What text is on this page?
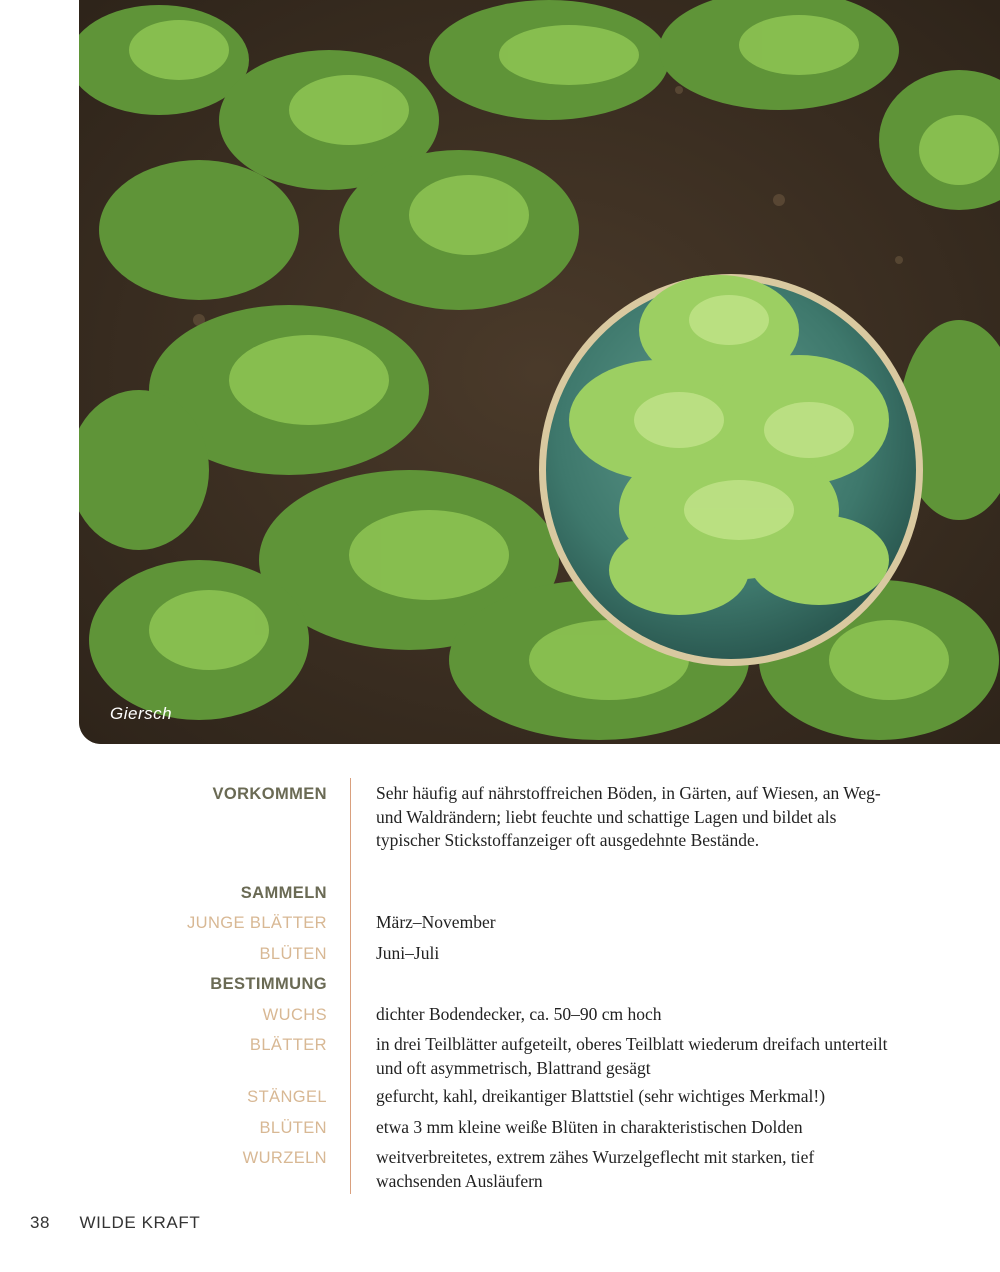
Giersch
VORKOMMEN	Sehr häufig auf nährstoffreichen Böden, in Gärten, auf Wiesen, an Weg- und Waldrändern; liebt feuchte und schattige Lagen und bildet als typischer Stickstoffanzeiger oft ausgedehnte Bestände.
SAMMELN
JUNGE BLÄTTER	März–November
BLÜTEN	Juni–Juli
BESTIMMUNG
WUCHS	dichter Bodendecker, ca. 50–90 cm hoch
BLÄTTER	in drei Teilblätter aufgeteilt, oberes Teilblatt wiederum dreifach unterteilt und oft asymmetrisch, Blattrand gesägt
STÄNGEL	gefurcht, kahl, dreikantiger Blattstiel (sehr wichtiges Merkmal!)
BLÜTEN	etwa 3 mm kleine weiße Blüten in charakteristischen Dolden
WURZELN	weitverbreitetes, extrem zähes Wurzelgeflecht mit starken, tief wachsenden Ausläufern
38 WILDE KRAFT
